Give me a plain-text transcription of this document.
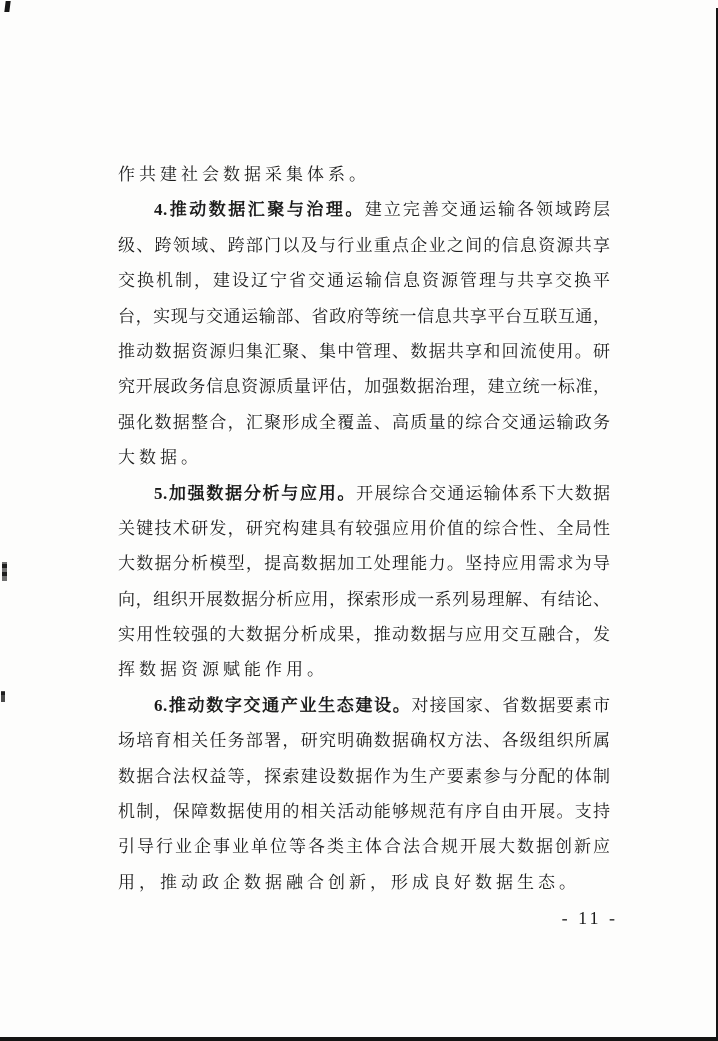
作共建社会数据采集体系。

4.推动数据汇聚与治理。建立完善交通运输各领域跨层

级、跨领域、跨部门以及与行业重点企业之间的信息资源共享

交换机制，建设辽宁省交通运输信息资源管理与共享交换平

台，实现与交通运输部、省政府等统一信息共享平台互联互通，

推动数据资源归集汇聚、集中管理、数据共享和回流使用。研

究开展政务信息资源质量评估，加强数据治理，建立统一标准，

强化数据整合，汇聚形成全覆盖、高质量的综合交通运输政务

大数据。

5.加强数据分析与应用。开展综合交通运输体系下大数据

关键技术研发，研究构建具有较强应用价值的综合性、全局性

大数据分析模型，提高数据加工处理能力。坚持应用需求为导

向，组织开展数据分析应用，探索形成一系列易理解、有结论、

实用性较强的大数据分析成果，推动数据与应用交互融合，发

挥数据资源赋能作用。

6.推动数字交通产业生态建设。对接国家、省数据要素市

场培育相关任务部署，研究明确数据确权方法、各级组织所属

数据合法权益等，探索建设数据作为生产要素参与分配的体制

机制，保障数据使用的相关活动能够规范有序自由开展。支持

引导行业企事业单位等各类主体合法合规开展大数据创新应

用，推动政企数据融合创新，形成良好数据生态。

- 11 -
